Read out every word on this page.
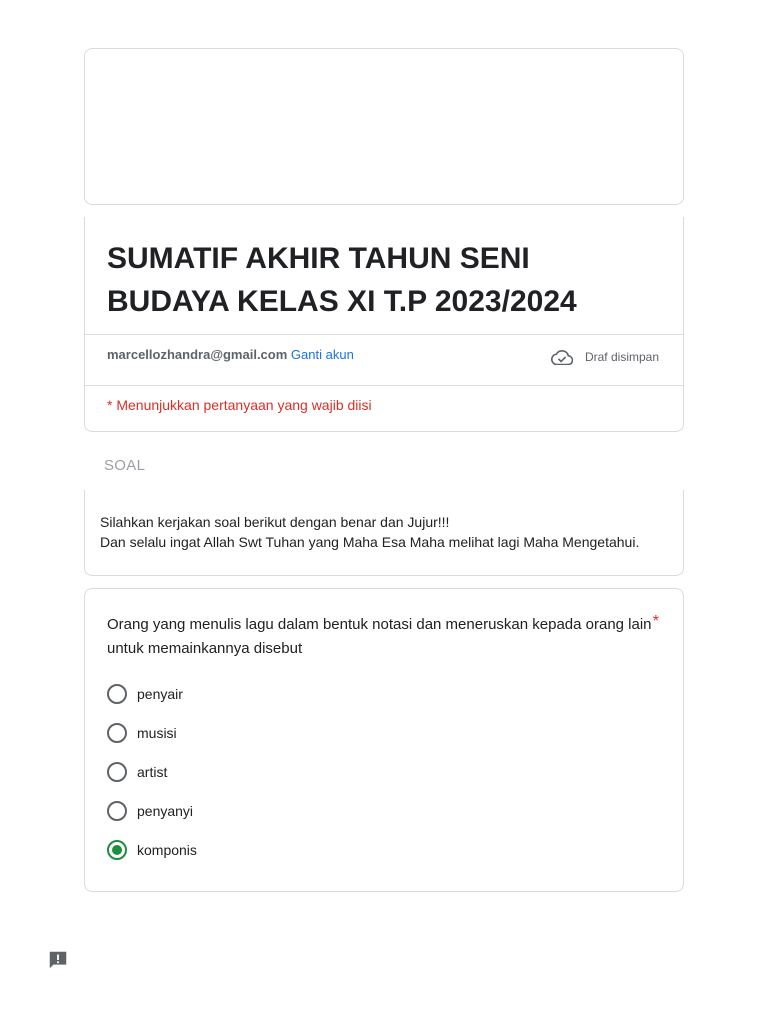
SUMATIF AKHIR TAHUN SENI BUDAYA KELAS XI T.P 2023/2024
marcellozhandra@gmail.com Ganti akun	Draf disimpan
* Menunjukkan pertanyaan yang wajib diisi
SOAL
Silahkan kerjakan soal berikut dengan benar dan Jujur!!!
Dan selalu ingat Allah Swt Tuhan yang Maha Esa Maha melihat lagi Maha Mengetahui.
Orang yang menulis lagu dalam bentuk notasi dan meneruskan kepada orang lain untuk memainkannya disebut
*
penyair
musisi
artist
penyanyi
komponis
